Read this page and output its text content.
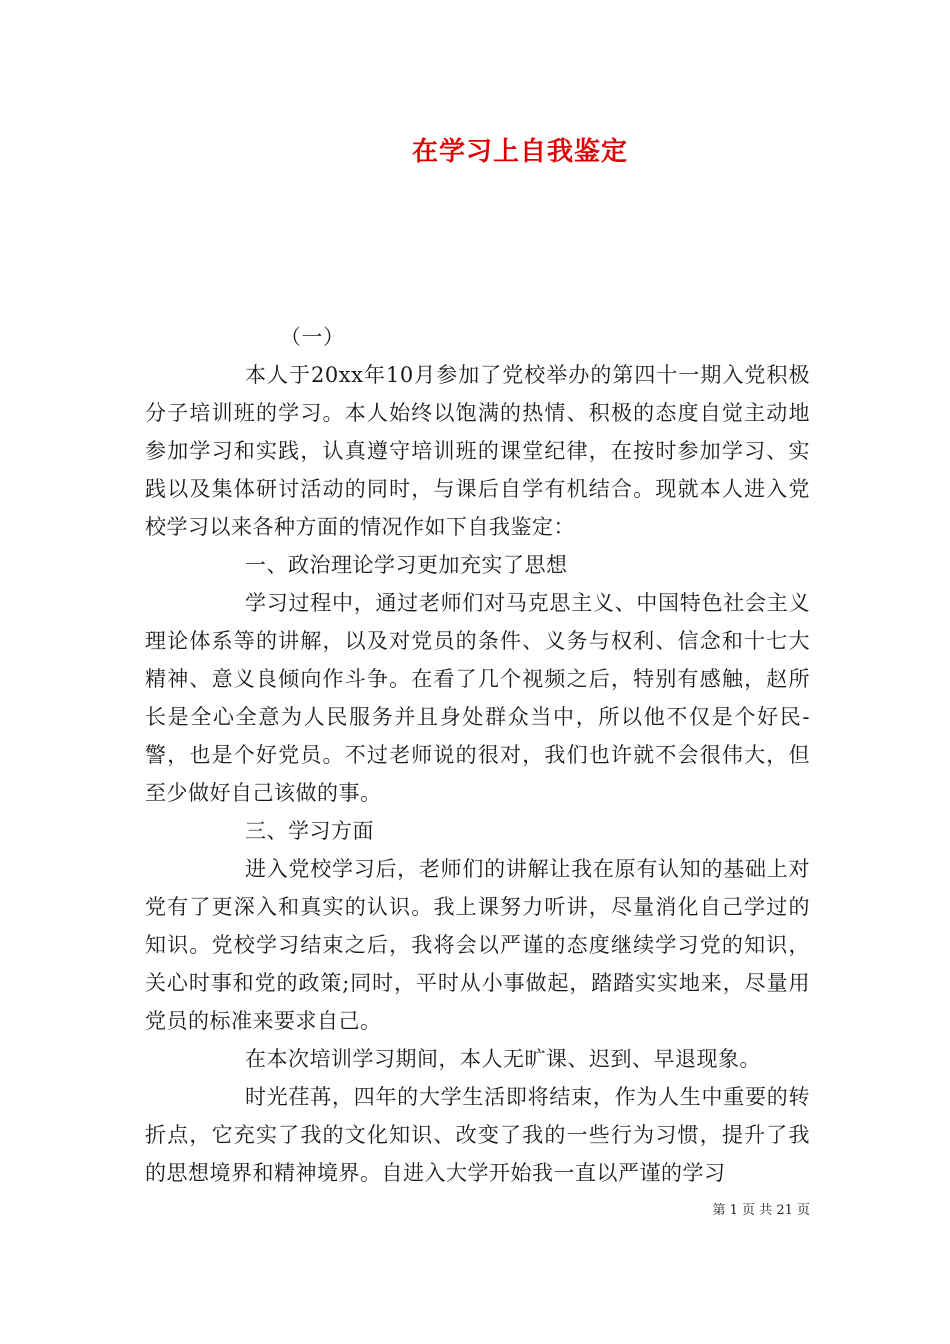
在学习上自我鉴定

（一）

本人于20xx年10月参加了党校举办的第四十一期入党积极分子培训班的学习。本人始终以饱满的热情、积极的态度自觉主动地参加学习和实践，认真遵守培训班的课堂纪律，在按时参加学习、实践以及集体研讨活动的同时，与课后自学有机结合。现就本人进入党校学习以来各种方面的情况作如下自我鉴定：

一、政治理论学习更加充实了思想

学习过程中，通过老师们对马克思主义、中国特色社会主义理论体系等的讲解，以及对党员的条件、义务与权利、信念和十七大精神、意义良倾向作斗争。在看了几个视频之后，特别有感触，赵所长是全心全意为人民服务并且身处群众当中，所以他不仅是个好民-警，也是个好党员。不过老师说的很对，我们也许就不会很伟大，但至少做好自己该做的事。

三、学习方面

进入党校学习后，老师们的讲解让我在原有认知的基础上对党有了更深入和真实的认识。我上课努力听讲，尽量消化自己学过的知识。党校学习结束之后，我将会以严谨的态度继续学习党的知识，关心时事和党的政策;同时，平时从小事做起，踏踏实实地来，尽量用党员的标准来要求自己。

在本次培训学习期间，本人无旷课、迟到、早退现象。

时光荏苒，四年的大学生活即将结束，作为人生中重要的转折点，它充实了我的文化知识、改变了我的一些行为习惯，提升了我的思想境界和精神境界。自进入大学开始我一直以严谨的学习

第 1 页 共 21 页
